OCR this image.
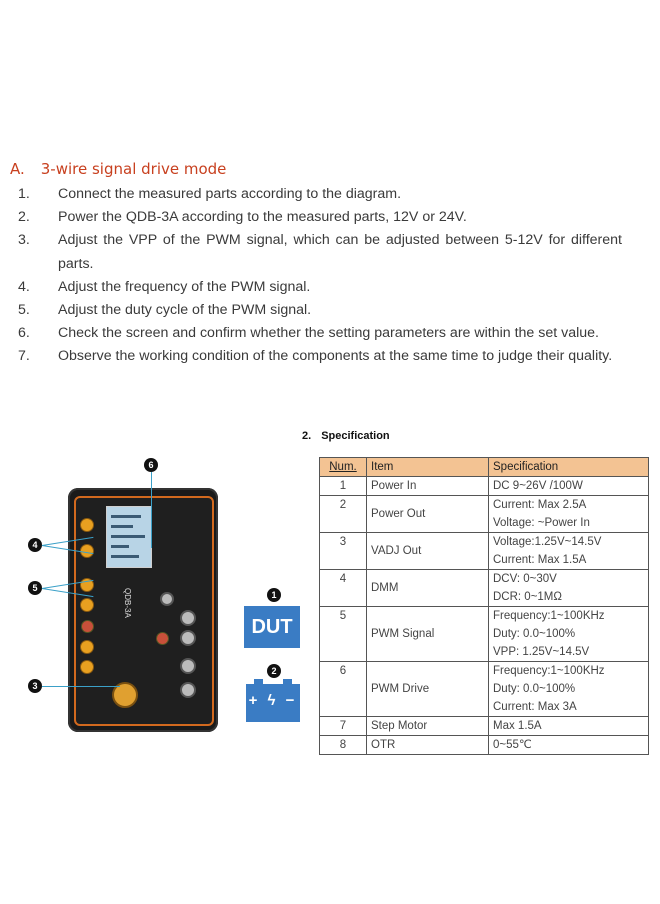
A. 3-wire signal drive mode
1.	Connect the measured parts according to the diagram.
2.	Power the QDB-3A according to the measured parts, 12V or 24V.
3.	Adjust the VPP of the PWM signal, which can be adjusted between 5-12V for different parts.
4.	Adjust the frequency of the PWM signal.
5.	Adjust the duty cycle of the PWM signal.
6.	Check the screen and confirm whether the setting parameters are within the set value.
7.	Observe the working condition of the components at the same time to judge their quality.
2. Specification
Num.	Item	Specification
1	Power In	DC 9~26V /100W

2	Power Out	Current: Max 2.5A
Voltage: ~Power In

3	VADJ Out	Voltage:1.25V~14.5V
Current: Max 1.5A

4	DMM	DCV: 0~30V
DCR: 0~1MΩ

5	PWM Signal	Frequency:1~100KHz
Duty: 0.0~100%
VPP: 1.25V~14.5V

6	PWM Drive	Frequency:1~100KHz
Duty: 0.0~100%
Current: Max 3A

7	Step Motor	Max 1.5A

8	OTR	0~55℃
QDB-3A
6
4
5
3
1
DUT
2
+ ϟ −
